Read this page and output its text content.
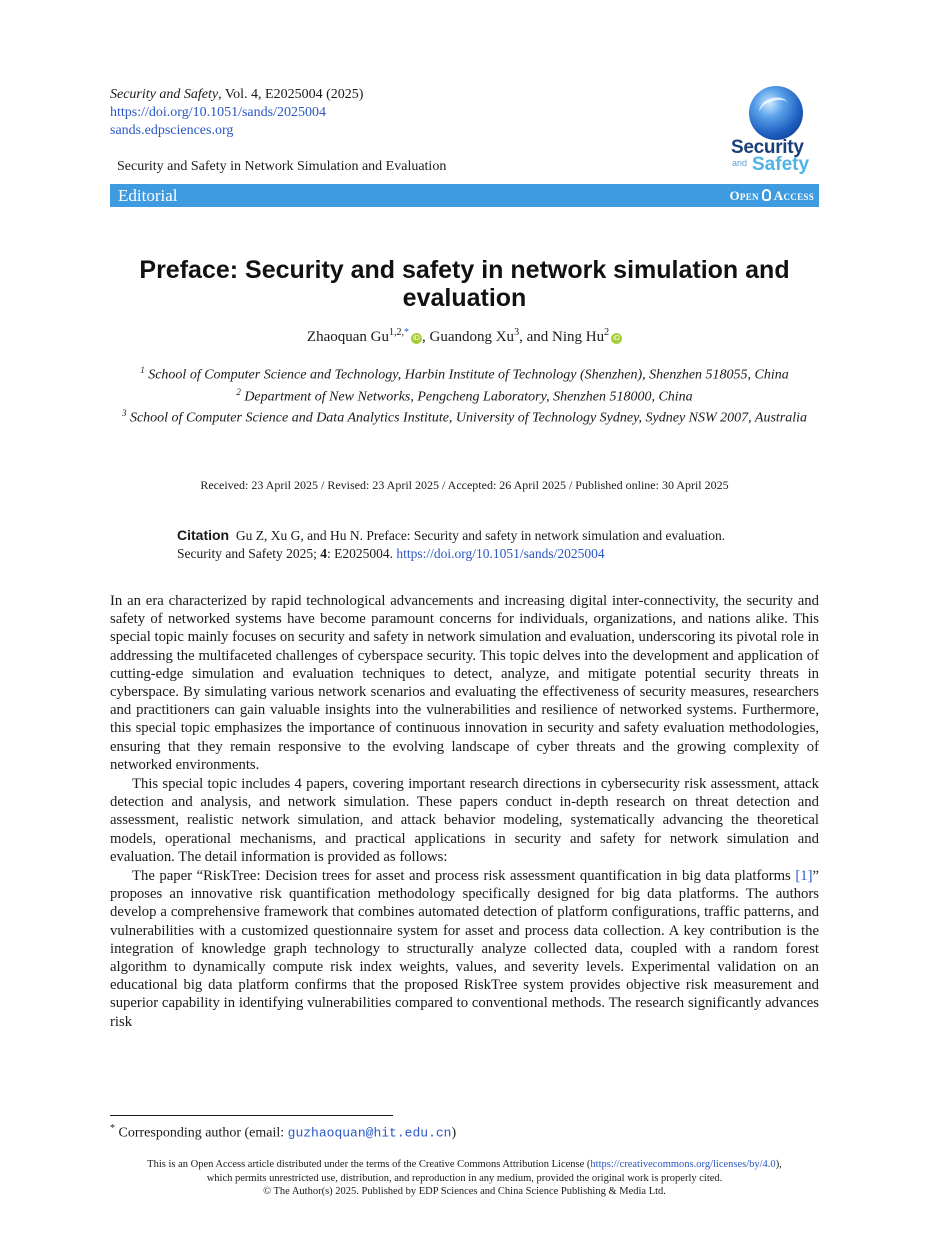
Security and Safety, Vol. 4, E2025004 (2025)
https://doi.org/10.1051/sands/2025004
sands.edpsciences.org
Security and Safety in Network Simulation and Evaluation
Security
and Safety
Editorial	Open Access
Preface: Security and safety in network simulation and evaluation
Zhaoquan $Gu^{1,2,*}iD$ , Guandong Xu$^3$, and Ning Hu$^2$iD
$^1$ School of Computer Science and Technology, Harbin Institute of Technology (Shenzhen), Shenzhen 518055, China
$^2$ Department of New Networks, Pengcheng Laboratory, Shenzhen 518000, China
$^3$ School of Computer Science and Data Analytics Institute, University of Technology Sydney, Sydney NSW 2007, Australia
Received: 23 April 2025 / Revised: 23 April 2025 / Accepted: 26 April 2025 / Published online: 30 April 2025
Citation Gu Z, Xu G, and Hu N. Preface: Security and safety in network simulation and evaluation. Security and Safety 2025; 4: E2025004. https://doi.org/10.1051/sands/2025004

In an era characterized by rapid technological advancements and increasing digital inter-connectivity, the security and safety of networked systems have become paramount concerns for individuals, organizations, and nations alike. This special topic mainly focuses on security and safety in network simulation and evaluation, underscoring its pivotal role in addressing the multifaceted challenges of cyberspace security. This topic delves into the development and application of cutting-edge simulation and evaluation techniques to detect, analyze, and mitigate potential security threats in cyberspace. By simulating various network scenarios and evaluating the effectiveness of security measures, researchers and practitioners can gain valuable insights into the vulnerabilities and resilience of networked systems. Furthermore, this special topic emphasizes the importance of continuous innovation in security and safety evaluation methodologies, ensuring that they remain responsive to the evolving landscape of cyber threats and the growing complexity of networked environments.

This special topic includes 4 papers, covering important research directions in cybersecurity risk assessment, attack detection and analysis, and network simulation. These papers conduct in-depth research on threat detection and assessment, realistic network simulation, and attack behavior modeling, systematically advancing the theoretical models, operational mechanisms, and practical applications in security and safety for network simulation and evaluation. The detail information is provided as follows:

The paper “RiskTree: Decision trees for asset and process risk assessment quantification in big data platforms [1]” proposes an innovative risk quantification methodology specifically designed for big data platforms. The authors develop a comprehensive framework that combines automated detection of platform configurations, traffic patterns, and vulnerabilities with a customized questionnaire system for asset and process data collection. A key contribution is the integration of knowledge graph technology to structurally analyze collected data, coupled with a random forest algorithm to dynamically compute risk index weights, values, and severity levels. Experimental validation on an educational big data platform confirms that the proposed RiskTree system provides objective risk measurement and superior capability in identifying vulnerabilities compared to conventional methods. The research significantly advances risk

* Corresponding author (email: guzhaoquan@hit.edu.cn)
This is an Open Access article distributed under the terms of the Creative Commons Attribution License (https://creativecommons.org/licenses/by/4.0),
which permits unrestricted use, distribution, and reproduction in any medium, provided the original work is properly cited.
© The Author(s) 2025. Published by EDP Sciences and China Science Publishing & Media Ltd.
